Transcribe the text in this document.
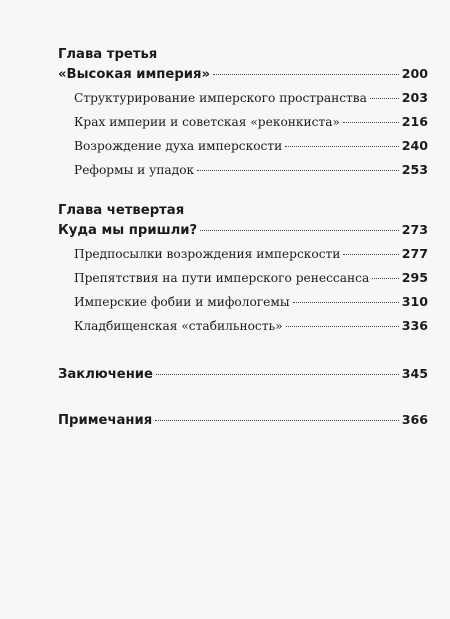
Глава третья
«Высокая империя»	200
Структурирование имперского пространства	203
Крах империи и советская «реконкиста»	216
Возрождение духа имперскости	240
Реформы и упадок	253
Глава четвертая
Куда мы пришли?	273
Предпосылки возрождения имперскости	277
Препятствия на пути имперского ренессанса	295
Имперские фобии и мифологемы	310
Кладбищенская «стабильность»	336
Заключение	345
Примечания	366
